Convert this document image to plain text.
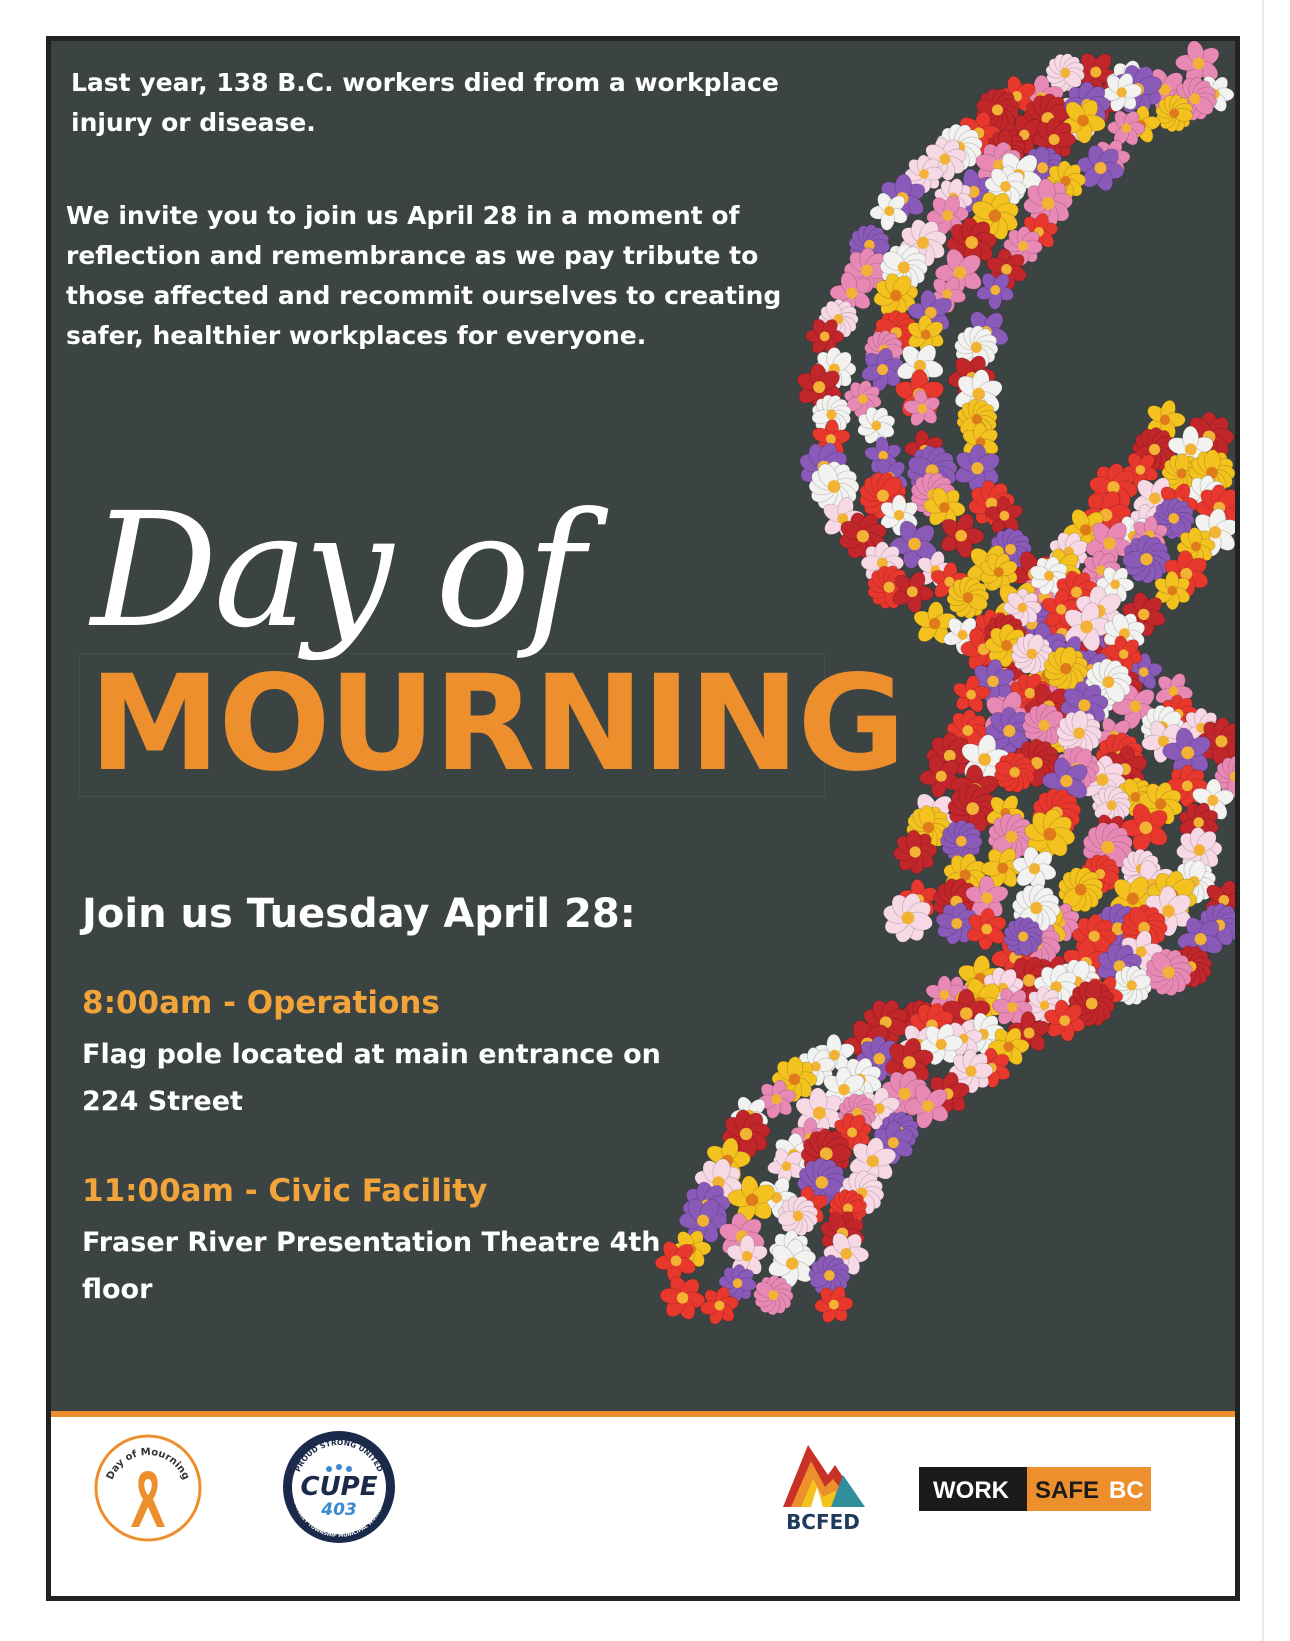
Last year, 138 B.C. workers died from a workplace injury or disease.

We invite you to join us April 28 in a moment of reflection and remembrance as we pay tribute to those affected and recommit ourselves to creating safer, healthier workplaces for everyone.

MOURNING

Day of

Join us Tuesday April 28:

8:00am - Operations

Flag pole located at main entrance on 224 Street

11:00am - Civic Facility

Fraser River Presentation Theatre 4th floor

Day of Mourning
PROUD STRONG UNITED
LANGLEY TOWNSHIP MUNICIPAL WORKERS
CUPE
403	BCFED
WORK SAFE BC
